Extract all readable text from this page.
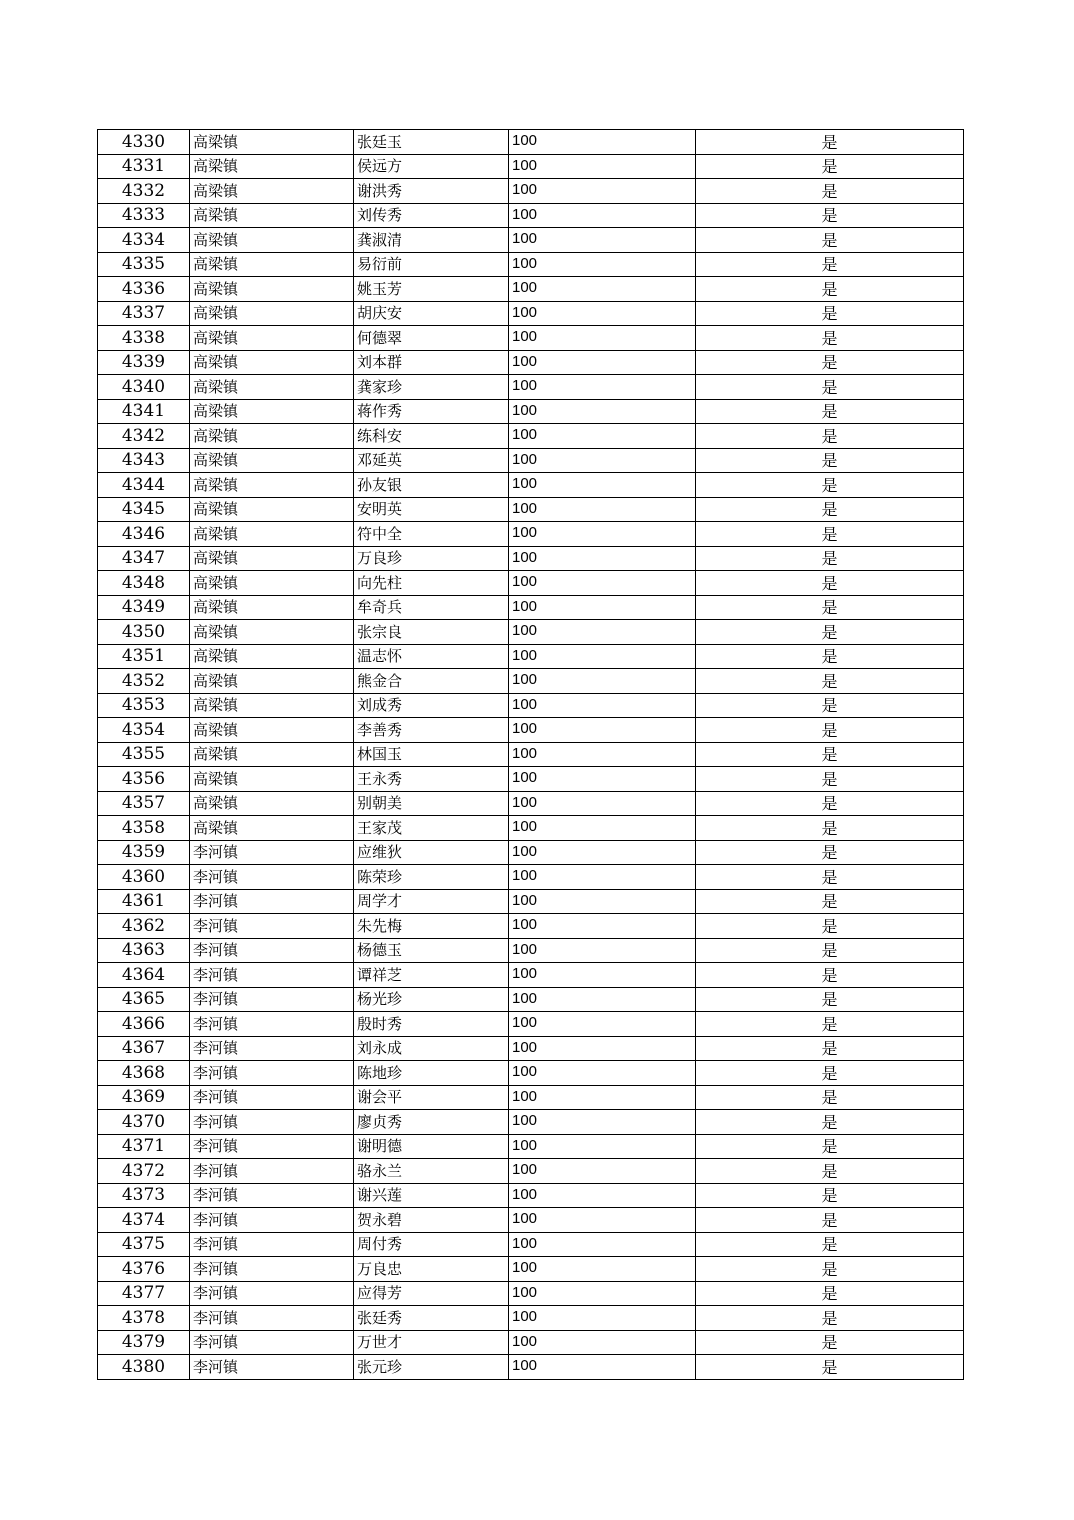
4330	高梁镇	张廷玉	100	是
4331	高梁镇	侯远方	100	是
4332	高梁镇	谢洪秀	100	是
4333	高梁镇	刘传秀	100	是
4334	高梁镇	龚淑清	100	是
4335	高梁镇	易衍前	100	是
4336	高梁镇	姚玉芳	100	是
4337	高梁镇	胡庆安	100	是
4338	高梁镇	何德翠	100	是
4339	高梁镇	刘本群	100	是
4340	高梁镇	龚家珍	100	是
4341	高梁镇	蒋作秀	100	是
4342	高梁镇	练科安	100	是
4343	高梁镇	邓延英	100	是
4344	高梁镇	孙友银	100	是
4345	高梁镇	安明英	100	是
4346	高梁镇	符中全	100	是
4347	高梁镇	万良珍	100	是
4348	高梁镇	向先柱	100	是
4349	高梁镇	牟奇兵	100	是
4350	高梁镇	张宗良	100	是
4351	高梁镇	温志怀	100	是
4352	高梁镇	熊金合	100	是
4353	高梁镇	刘成秀	100	是
4354	高梁镇	李善秀	100	是
4355	高梁镇	林国玉	100	是
4356	高梁镇	王永秀	100	是
4357	高梁镇	别朝美	100	是
4358	高梁镇	王家茂	100	是
4359	李河镇	应维狄	100	是
4360	李河镇	陈荣珍	100	是
4361	李河镇	周学才	100	是
4362	李河镇	朱先梅	100	是
4363	李河镇	杨德玉	100	是
4364	李河镇	谭祥芝	100	是
4365	李河镇	杨光珍	100	是
4366	李河镇	殷时秀	100	是
4367	李河镇	刘永成	100	是
4368	李河镇	陈地珍	100	是
4369	李河镇	谢会平	100	是
4370	李河镇	廖贞秀	100	是
4371	李河镇	谢明德	100	是
4372	李河镇	骆永兰	100	是
4373	李河镇	谢兴莲	100	是
4374	李河镇	贺永碧	100	是
4375	李河镇	周付秀	100	是
4376	李河镇	万良忠	100	是
4377	李河镇	应得芳	100	是
4378	李河镇	张廷秀	100	是
4379	李河镇	万世才	100	是
4380	李河镇	张元珍	100	是
